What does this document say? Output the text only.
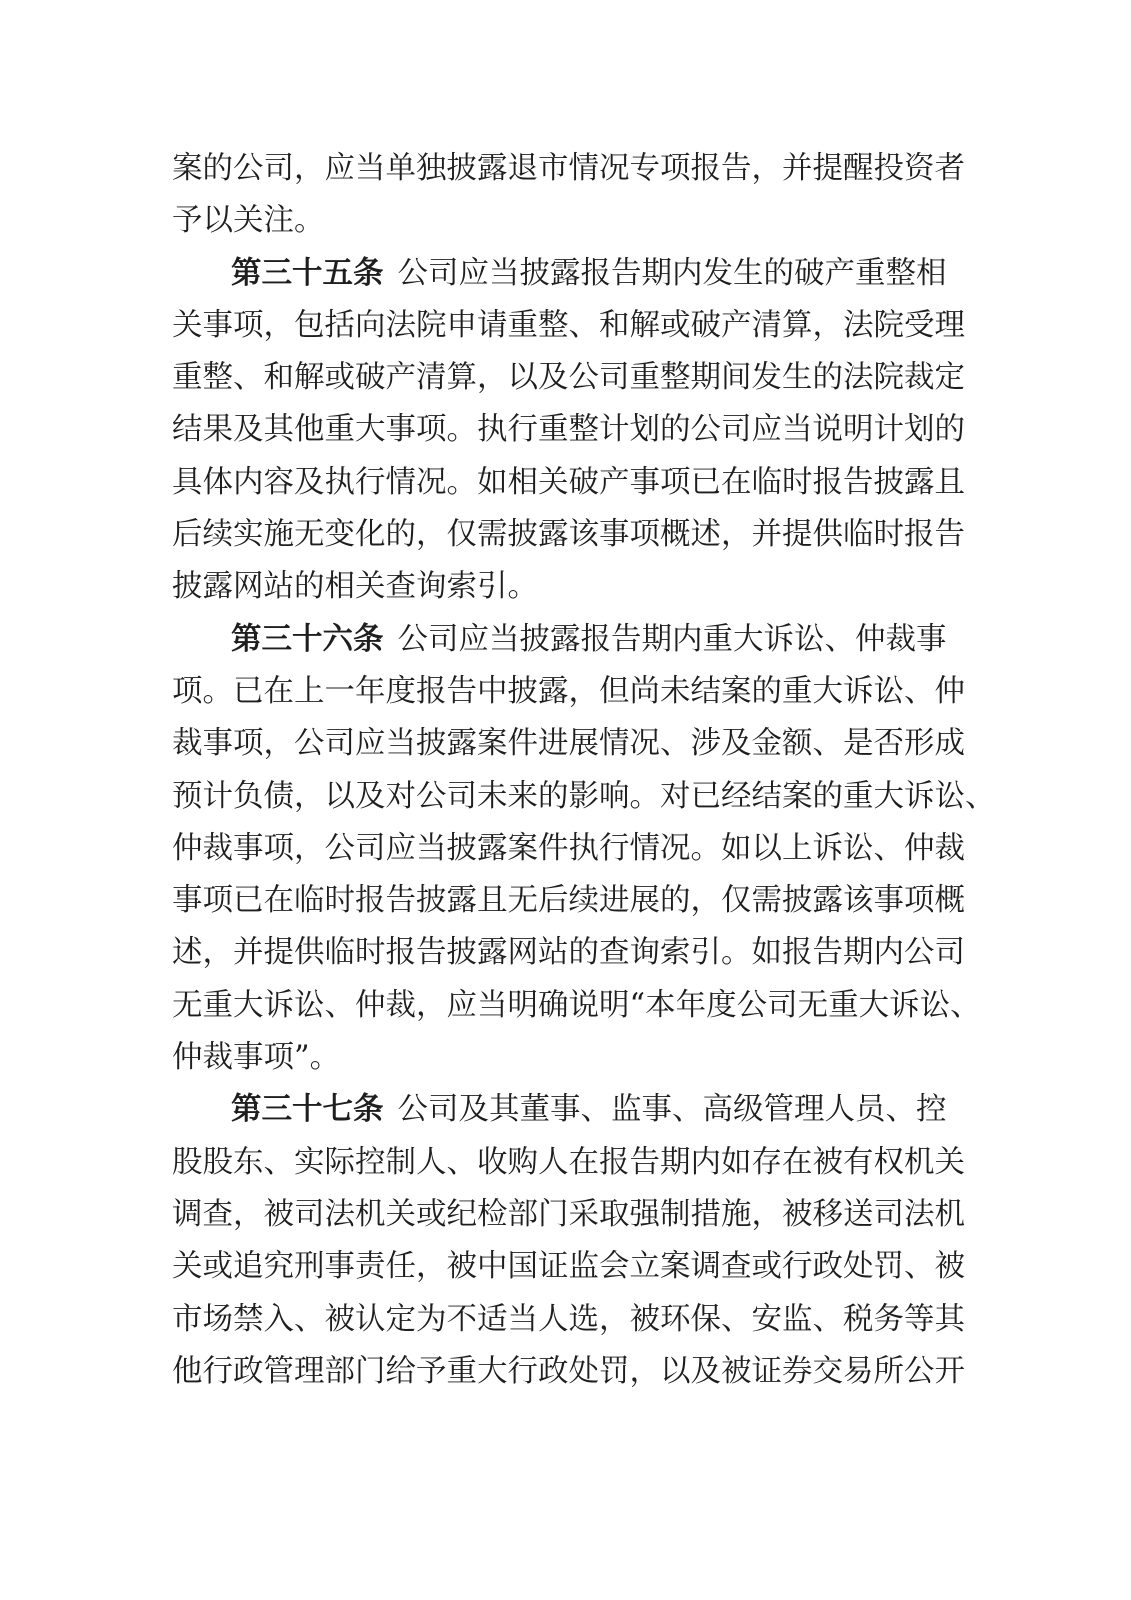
案的公司，应当单独披露退市情况专项报告，并提醒投资者
予以关注。
第三十五条 公司应当披露报告期内发生的破产重整相
关事项，包括向法院申请重整、和解或破产清算，法院受理
重整、和解或破产清算，以及公司重整期间发生的法院裁定
结果及其他重大事项。执行重整计划的公司应当说明计划的
具体内容及执行情况。如相关破产事项已在临时报告披露且
后续实施无变化的，仅需披露该事项概述，并提供临时报告
披露网站的相关查询索引。
第三十六条 公司应当披露报告期内重大诉讼、仲裁事
项。已在上一年度报告中披露，但尚未结案的重大诉讼、仲
裁事项，公司应当披露案件进展情况、涉及金额、是否形成
预计负债，以及对公司未来的影响。对已经结案的重大诉讼、
仲裁事项，公司应当披露案件执行情况。如以上诉讼、仲裁
事项已在临时报告披露且无后续进展的，仅需披露该事项概
述，并提供临时报告披露网站的查询索引。如报告期内公司
无重大诉讼、仲裁，应当明确说明“本年度公司无重大诉讼、
仲裁事项”。
第三十七条 公司及其董事、监事、高级管理人员、控
股股东、实际控制人、收购人在报告期内如存在被有权机关
调查，被司法机关或纪检部门采取强制措施，被移送司法机
关或追究刑事责任，被中国证监会立案调查或行政处罚、被
市场禁入、被认定为不适当人选，被环保、安监、税务等其
他行政管理部门给予重大行政处罚，以及被证券交易所公开
